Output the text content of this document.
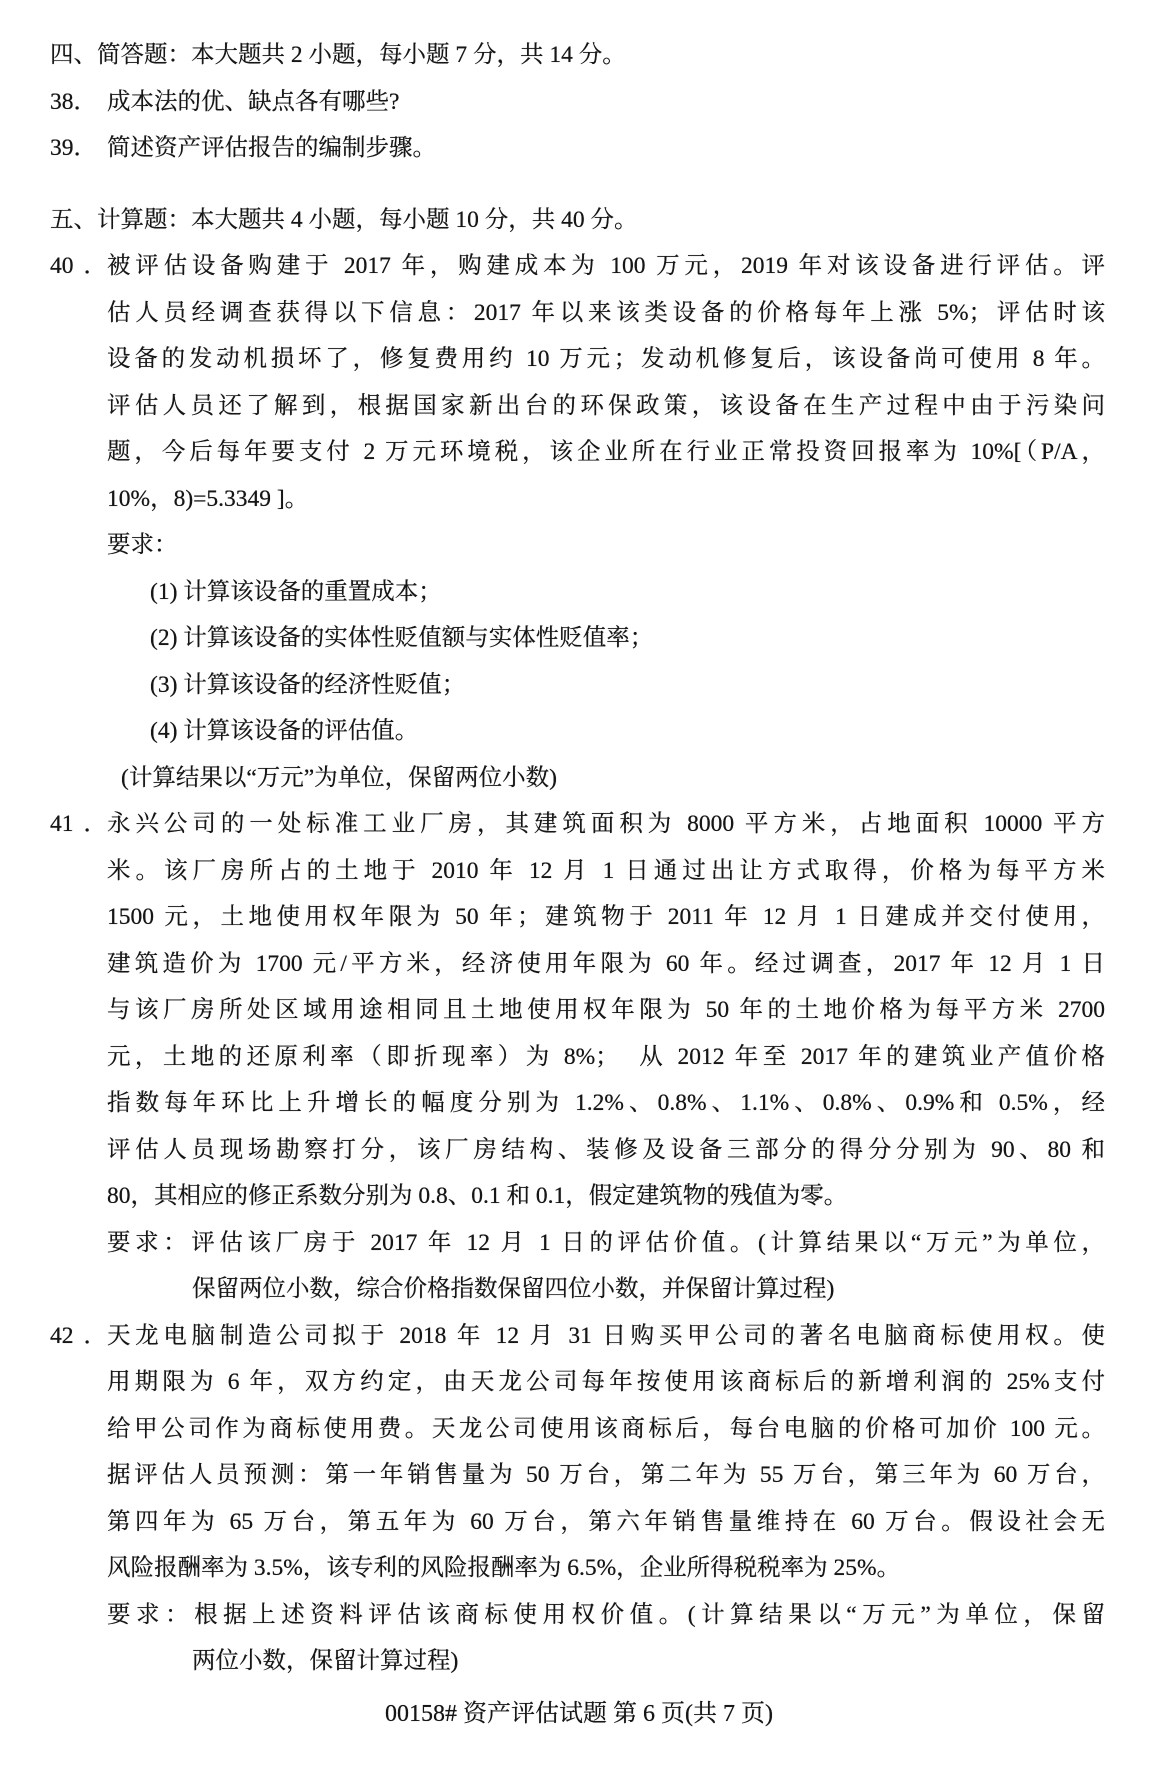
四、简答题：本大题共 2 小题，每小题 7 分，共 14 分。
38． 成本法的优、缺点各有哪些?
39． 简述资产评估报告的编制步骤。
五、计算题：本大题共 4 小题，每小题 10 分，共 40 分。
40． 被评估设备购建于 2017 年，购建成本为 100 万元，2019 年对该设备进行评估。评
估人员经调查获得以下信息：2017 年以来该类设备的价格每年上涨 5%；评估时该
设备的发动机损坏了，修复费用约 10 万元；发动机修复后，该设备尚可使用 8 年。
评估人员还了解到，根据国家新出台的环保政策，该设备在生产过程中由于污染问
题，今后每年要支付 2 万元环境税，该企业所在行业正常投资回报率为 10%[（P/A，
10%，8)=5.3349 ]。
要求：
(1) 计算该设备的重置成本；
(2) 计算该设备的实体性贬值额与实体性贬值率；
(3) 计算该设备的经济性贬值；
(4) 计算该设备的评估值。
(计算结果以“万元”为单位，保留两位小数)
41． 永兴公司的一处标准工业厂房，其建筑面积为 8000 平方米，占地面积 10000 平方
米。该厂房所占的土地于 2010 年 12 月 1 日通过出让方式取得，价格为每平方米
1500 元，土地使用权年限为 50 年；建筑物于 2011 年 12 月 1 日建成并交付使用，
建筑造价为 1700 元/平方米，经济使用年限为 60 年。经过调查，2017 年 12 月 1 日
与该厂房所处区域用途相同且土地使用权年限为 50 年的土地价格为每平方米 2700
元，土地的还原利率（即折现率）为 8%；  从 2012 年至 2017 年的建筑业产值价格
指数每年环比上升增长的幅度分别为 1.2%、0.8%、1.1%、0.8%、0.9%和 0.5%，经
评估人员现场勘察打分，该厂房结构、装修及设备三部分的得分分别为 90、80 和
80，其相应的修正系数分别为 0.8、0.1 和 0.1，假定建筑物的残值为零。
要求：评估该厂房于 2017 年 12 月 1 日的评估价值。(计算结果以“万元”为单位，
保留两位小数，综合价格指数保留四位小数，并保留计算过程)
42． 天龙电脑制造公司拟于 2018 年 12 月 31 日购买甲公司的著名电脑商标使用权。使
用期限为 6 年，双方约定，由天龙公司每年按使用该商标后的新增利润的 25%支付
给甲公司作为商标使用费。天龙公司使用该商标后，每台电脑的价格可加价 100 元。
据评估人员预测：第一年销售量为 50 万台，第二年为 55 万台，第三年为 60 万台，
第四年为 65 万台，第五年为 60 万台，第六年销售量维持在 60 万台。假设社会无
风险报酬率为 3.5%，该专利的风险报酬率为 6.5%，企业所得税税率为 25%。
要求：根据上述资料评估该商标使用权价值。(计算结果以“万元”为单位，保留
两位小数，保留计算过程)
00158# 资产评估试题 第 6 页(共 7 页)
